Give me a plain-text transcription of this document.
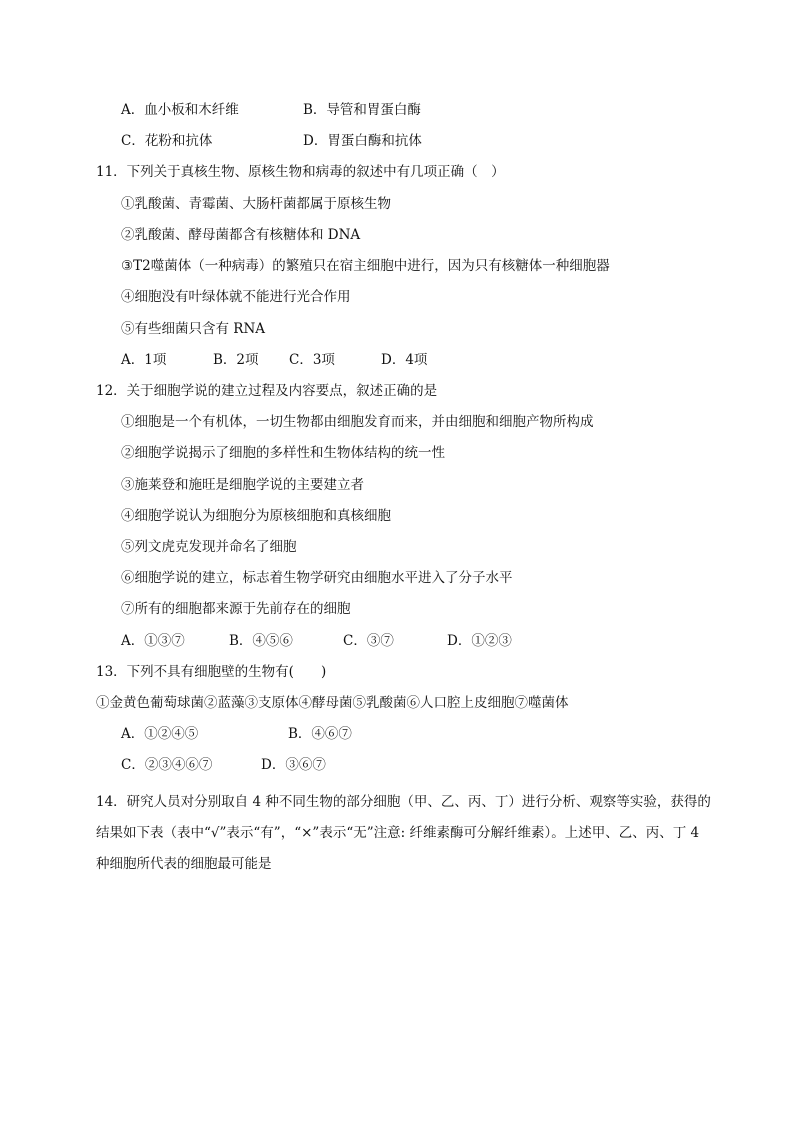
A．血小板和木纤维	B．导管和胃蛋白酶
C．花粉和抗体	D．胃蛋白酶和抗体
11．下列关于真核生物、原核生物和病毒的叙述中有几项正确（　）
①乳酸菌、青霉菌、大肠杆菌都属于原核生物
②乳酸菌、酵母菌都含有核糖体和 DNA
③T2噬菌体（一种病毒）的繁殖只在宿主细胞中进行，因为只有核糖体一种细胞器
④细胞没有叶绿体就不能进行光合作用
⑤有些细菌只含有 RNA
A．1项	B．2项 C．3项	D．4项
12．关于细胞学说的建立过程及内容要点，叙述正确的是
①细胞是一个有机体，一切生物都由细胞发育而来，并由细胞和细胞产物所构成
②细胞学说揭示了细胞的多样性和生物体结构的统一性
③施莱登和施旺是细胞学说的主要建立者
④细胞学说认为细胞分为原核细胞和真核细胞
⑤列文虎克发现并命名了细胞
⑥细胞学说的建立，标志着生物学研究由细胞水平进入了分子水平
⑦所有的细胞都来源于先前存在的细胞
A．①③⑦	B．④⑤⑥	C．③⑦	D．①②③
13．下列不具有细胞壁的生物有(　　)
①金黄色葡萄球菌②蓝藻③支原体④酵母菌⑤乳酸菌⑥人口腔上皮细胞⑦噬菌体
A．①②④⑤	B．④⑥⑦
C．②③④⑥⑦	D．③⑥⑦
14．研究人员对分别取自 4 种不同生物的部分细胞（甲、乙、丙、丁）进行分析、观察等实验，获得的结果如下表（表中“√”表示“有”，“×”表示“无”注意: 纤维素酶可分解纤维素）。上述甲、乙、丙、丁 4 种细胞所代表的细胞最可能是
